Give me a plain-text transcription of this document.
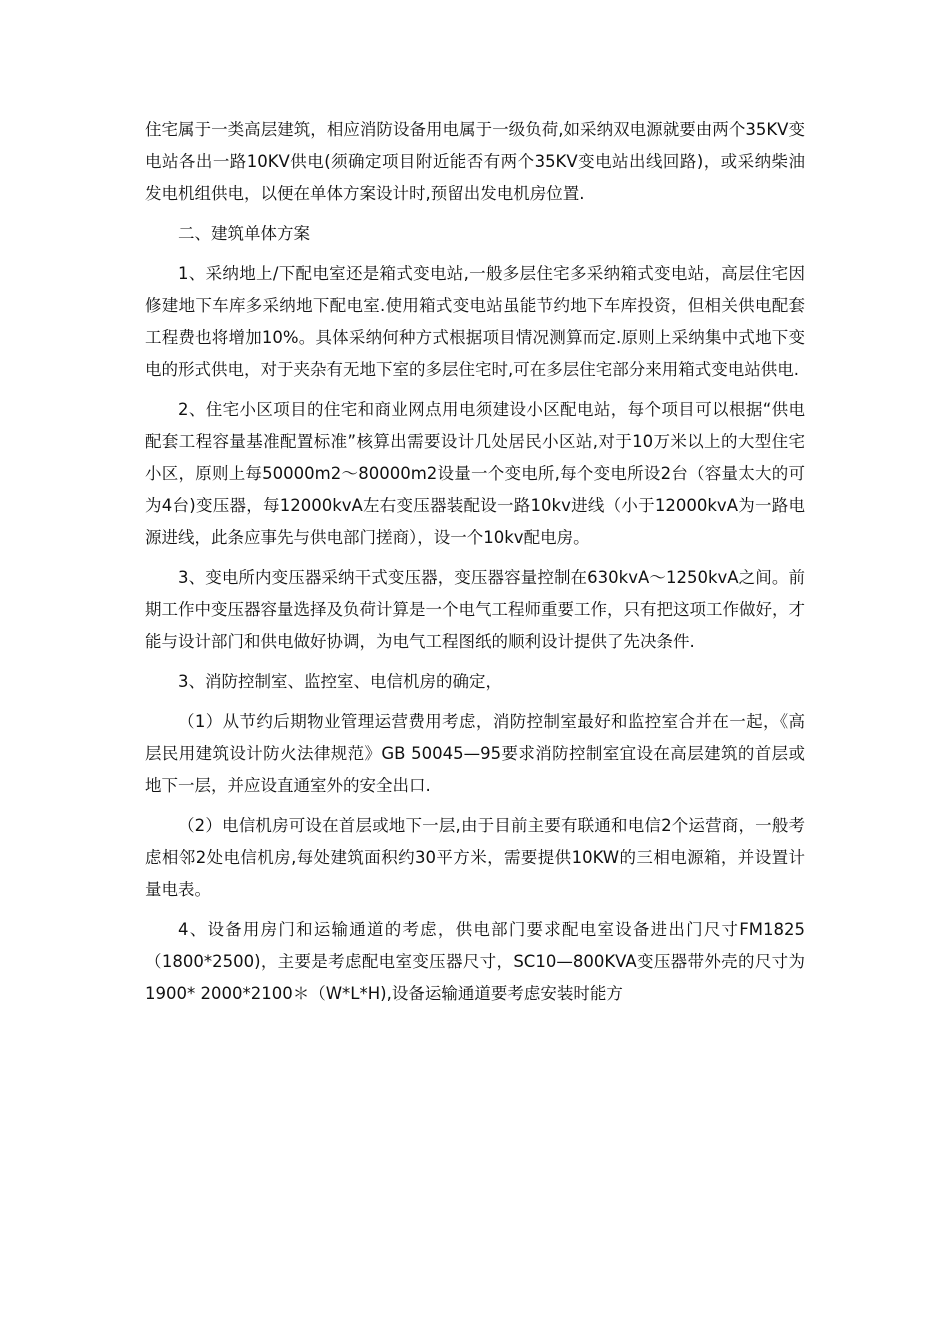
住宅属于一类高层建筑，相应消防设备用电属于一级负荷,如采纳双电源就要由两个35KV变电站各出一路10KV供电(须确定项目附近能否有两个35KV变电站出线回路)，或采纳柴油发电机组供电，以便在单体方案设计时,预留出发电机房位置.

二、建筑单体方案

1、采纳地上/下配电室还是箱式变电站,一般多层住宅多采纳箱式变电站，高层住宅因修建地下车库多采纳地下配电室.使用箱式变电站虽能节约地下车库投资，但相关供电配套工程费也将增加10%。具体采纳何种方式根据项目情况测算而定.原则上采纳集中式地下变电的形式供电，对于夹杂有无地下室的多层住宅时,可在多层住宅部分来用箱式变电站供电.

2、住宅小区项目的住宅和商业网点用电须建设小区配电站，每个项目可以根据“供电配套工程容量基准配置标准”核算出需要设计几处居民小区站,对于10万米以上的大型住宅小区，原则上每50000m2～80000m2设量一个变电所,每个变电所设2台（容量太大的可为4台)变压器，每12000kvA左右变压器装配设一路10kv进线（小于12000kvA为一路电源进线，此条应事先与供电部门搓商），设一个10kv配电房。

3、变电所内变压器采纳干式变压器，变压器容量控制在630kvA～1250kvA之间。前期工作中变压器容量选择及负荷计算是一个电气工程师重要工作，只有把这项工作做好，才能与设计部门和供电做好协调，为电气工程图纸的顺利设计提供了先决条件.

3、消防控制室、监控室、电信机房的确定，

（1）从节约后期物业管理运营费用考虑，消防控制室最好和监控室合并在一起，《高层民用建筑设计防火法律规范》GB 50045—95要求消防控制室宜设在高层建筑的首层或地下一层，并应设直通室外的安全出口.

（2）电信机房可设在首层或地下一层,由于目前主要有联通和电信2个运营商，一般考虑相邻2处电信机房,每处建筑面积约30平方米，需要提供10KW的三相电源箱，并设置计量电表。

4、设备用房门和运输通道的考虑，供电部门要求配电室设备进出门尺寸FM1825 （1800*2500)，主要是考虑配电室变压器尺寸，SC10—800KVA变压器带外壳的尺寸为1900* 2000*2100＊（W*L*H),设备运输通道要考虑安装时能方
